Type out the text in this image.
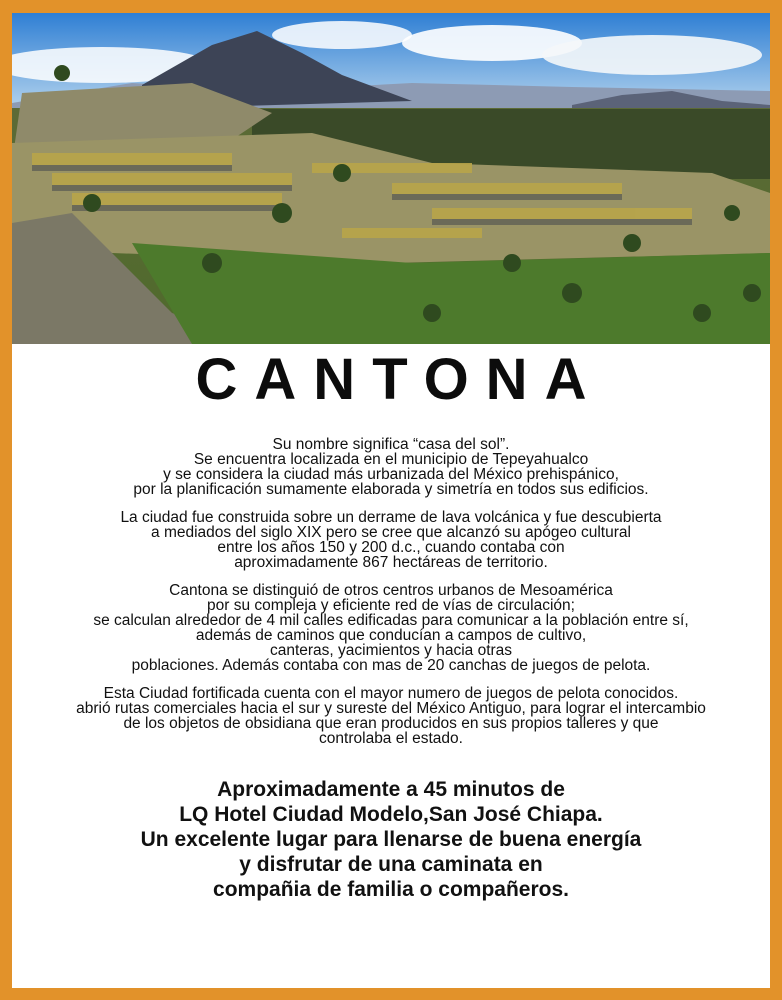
CANTONA
Su nombre significa “casa del sol”.
Se encuentra localizada en el municipio de Tepeyahualco
y se considera la ciudad más urbanizada del México prehispánico,
por la planificación sumamente elaborada y simetría en todos sus edificios.
La ciudad fue construida sobre un derrame de lava volcánica y fue descubierta
a mediados del siglo XIX pero se cree que alcanzó su apógeo cultural
entre los años 150 y 200 d.c., cuando contaba con
aproximadamente 867 hectáreas de territorio.
Cantona se distinguió de otros centros urbanos de Mesoamérica
por su compleja y eficiente red de vías de circulación;
se calculan alrededor de 4 mil calles edificadas para comunicar a la población entre sí,
además de caminos que conducían a campos de cultivo,
canteras, yacimientos y hacia otras
poblaciones. Además contaba con mas de 20 canchas de juegos de pelota.
Esta Ciudad fortificada cuenta con el mayor numero de juegos de pelota conocidos.
abrió rutas comerciales hacia el sur y sureste del México Antiguo, para lograr el intercambio
de los objetos de obsidiana que eran producidos en sus propios talleres y que
controlaba el estado.
Aproximadamente a 45 minutos de
LQ Hotel Ciudad Modelo,San José Chiapa.
Un excelente lugar para llenarse de buena energía
y disfrutar de una caminata en
compañia de familia o compañeros.
